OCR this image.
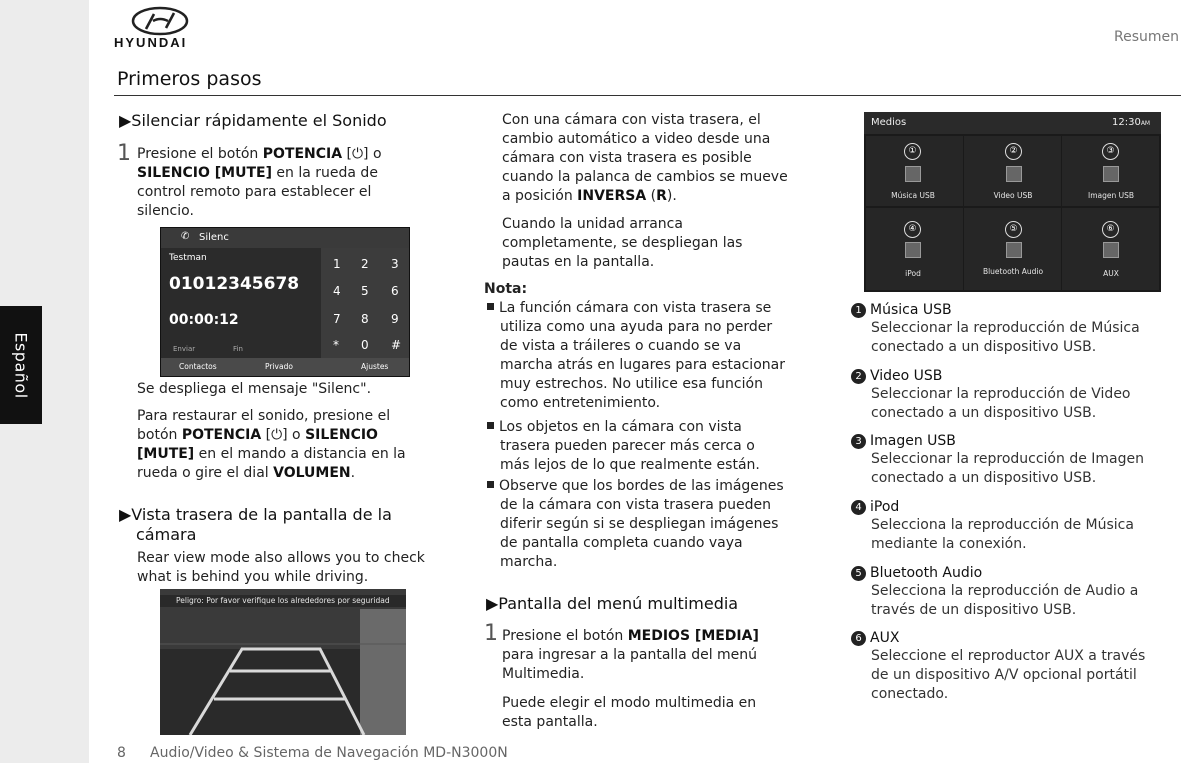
Español
HYUNDAI	Resumen
Primeros pasos
▶Silenciar rápidamente el Sonido
1 Presione el botón POTENCIA [⏻] o
SILENCIO [MUTE] en la rueda de
control remoto para establecer el
silencio.
✆ Silenc
Testman
01012345678
00:00:12
Enviar	Fin
1 2 3
4 5 6
7 8 9
* 0 #
Contactos	Privado	Ajustes
Se despliega el mensaje "Silenc".
Para restaurar el sonido, presione el
botón POTENCIA [⏻] o SILENCIO
[MUTE] en el mando a distancia en la
rueda o gire el dial VOLUMEN.
▶Vista trasera de la pantalla de la
cámara
Rear view mode also allows you to check
what is behind you while driving.
Peligro: Por favor verifique los alrededores por seguridad
Con una cámara con vista trasera, el
cambio automático a video desde una
cámara con vista trasera es posible
cuando la palanca de cambios se mueve
a posición INVERSA (R).
Cuando la unidad arranca
completamente, se despliegan las
pautas en la pantalla.
Nota:
La función cámara con vista trasera se
utiliza como una ayuda para no perder
de vista a tráileres o cuando se va
marcha atrás en lugares para estacionar
muy estrechos. No utilice esa función
como entretenimiento.
Los objetos en la cámara con vista
trasera pueden parecer más cerca o
más lejos de lo que realmente están.
Observe que los bordes de las imágenes
de la cámara con vista trasera pueden
diferir según si se despliegan imágenes
de pantalla completa cuando vaya
marcha.
▶Pantalla del menú multimedia
1 Presione el botón MEDIOS [MEDIA]
para ingresar a la pantalla del menú
Multimedia.
Puede elegir el modo multimedia en
esta pantalla.
Medios	12:30AM
①	②	③
Música USB	Video USB	Imagen USB
④	⑤	⑥
iPod	Bluetooth Audio	AUX
1 Música USB
Seleccionar la reproducción de Música
conectado a un dispositivo USB.
2 Video USB
Seleccionar la reproducción de Video
conectado a un dispositivo USB.
3 Imagen USB
Seleccionar la reproducción de Imagen
conectado a un dispositivo USB.
4 iPod
Selecciona la reproducción de Música
mediante la conexión.
5 Bluetooth Audio
Selecciona la reproducción de Audio a
través de un dispositivo USB.
6 AUX
Seleccione el reproductor AUX a través
de un dispositivo A/V opcional portátil
conectado.
8 Audio/Video & Sistema de Navegación MD-N3000N
